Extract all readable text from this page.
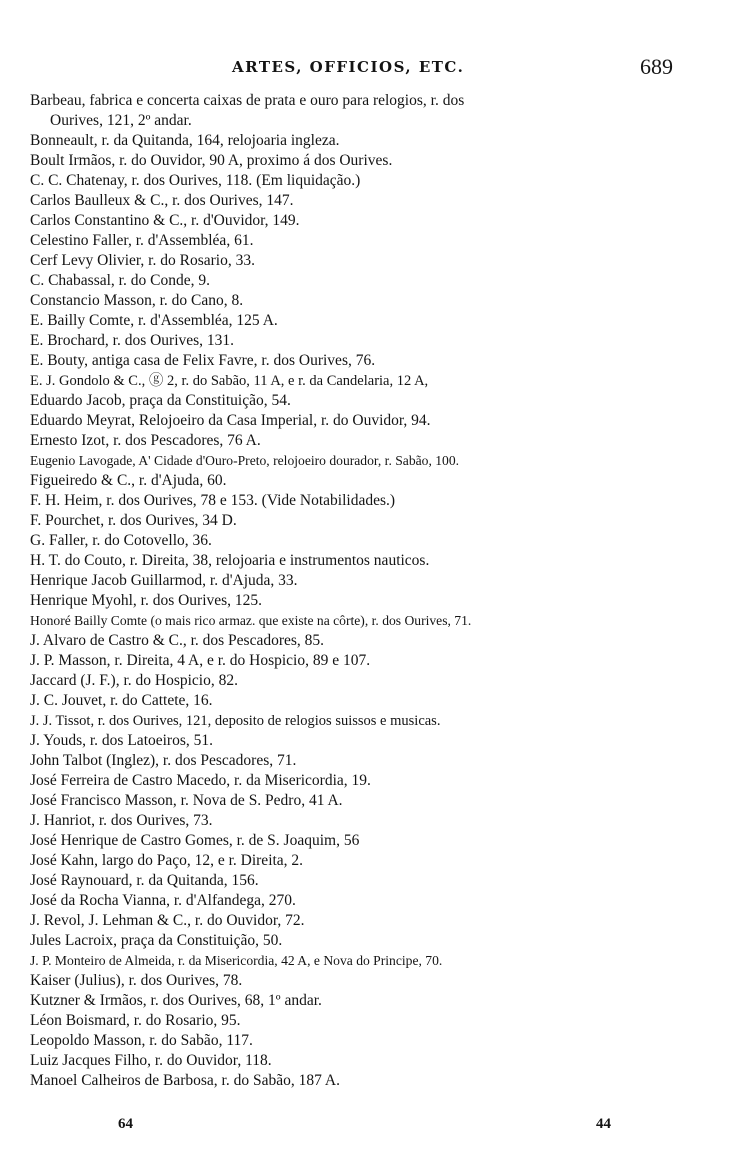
ARTES, OFFICIOS, ETC.	689
Barbeau, fabrica e concerta caixas de prata e ouro para relogios, r. dos
Ourives, 121, 2º andar.
Bonneault, r. da Quitanda, 164, relojoaria ingleza.
Boult Irmãos, r. do Ouvidor, 90 A, proximo á dos Ourives.
C. C. Chatenay, r. dos Ourives, 118. (Em liquidação.)
Carlos Baulleux & C., r. dos Ourives, 147.
Carlos Constantino & C., r. d'Ouvidor, 149.
Celestino Faller, r. d'Assembléa, 61.
Cerf Levy Olivier, r. do Rosario, 33.
C. Chabassal, r. do Conde, 9.
Constancio Masson, r. do Cano, 8.
E. Bailly Comte, r. d'Assembléa, 125 A.
E. Brochard, r. dos Ourives, 131.
E. Bouty, antiga casa de Felix Favre, r. dos Ourives, 76.
E. J. Gondolo & C., ⓖ 2, r. do Sabão, 11 A, e r. da Candelaria, 12 A,
Eduardo Jacob, praça da Constituição, 54.
Eduardo Meyrat, Relojoeiro da Casa Imperial, r. do Ouvidor, 94.
Ernesto Izot, r. dos Pescadores, 76 A.
Eugenio Lavogade, A' Cidade d'Ouro-Preto, relojoeiro dourador, r. Sabão, 100.
Figueiredo & C., r. d'Ajuda, 60.
F. H. Heim, r. dos Ourives, 78 e 153. (Vide Notabilidades.)
F. Pourchet, r. dos Ourives, 34 D.
G. Faller, r. do Cotovello, 36.
H. T. do Couto, r. Direita, 38, relojoaria e instrumentos nauticos.
Henrique Jacob Guillarmod, r. d'Ajuda, 33.
Henrique Myohl, r. dos Ourives, 125.
Honoré Bailly Comte (o mais rico armaz. que existe na côrte), r. dos Ourives, 71.
J. Alvaro de Castro & C., r. dos Pescadores, 85.
J. P. Masson, r. Direita, 4 A, e r. do Hospicio, 89 e 107.
Jaccard (J. F.), r. do Hospicio, 82.
J. C. Jouvet, r. do Cattete, 16.
J. J. Tissot, r. dos Ourives, 121, deposito de relogios suissos e musicas.
J. Youds, r. dos Latoeiros, 51.
John Talbot (Inglez), r. dos Pescadores, 71.
José Ferreira de Castro Macedo, r. da Misericordia, 19.
José Francisco Masson, r. Nova de S. Pedro, 41 A.
J. Hanriot, r. dos Ourives, 73.
José Henrique de Castro Gomes, r. de S. Joaquim, 56
José Kahn, largo do Paço, 12, e r. Direita, 2.
José Raynouard, r. da Quitanda, 156.
José da Rocha Vianna, r. d'Alfandega, 270.
J. Revol, J. Lehman & C., r. do Ouvidor, 72.
Jules Lacroix, praça da Constituição, 50.
J. P. Monteiro de Almeida, r. da Misericordia, 42 A, e Nova do Principe, 70.
Kaiser (Julius), r. dos Ourives, 78.
Kutzner & Irmãos, r. dos Ourives, 68, 1º andar.
Léon Boismard, r. do Rosario, 95.
Leopoldo Masson, r. do Sabão, 117.
Luiz Jacques Filho, r. do Ouvidor, 118.
Manoel Calheiros de Barbosa, r. do Sabão, 187 A.
64	44
